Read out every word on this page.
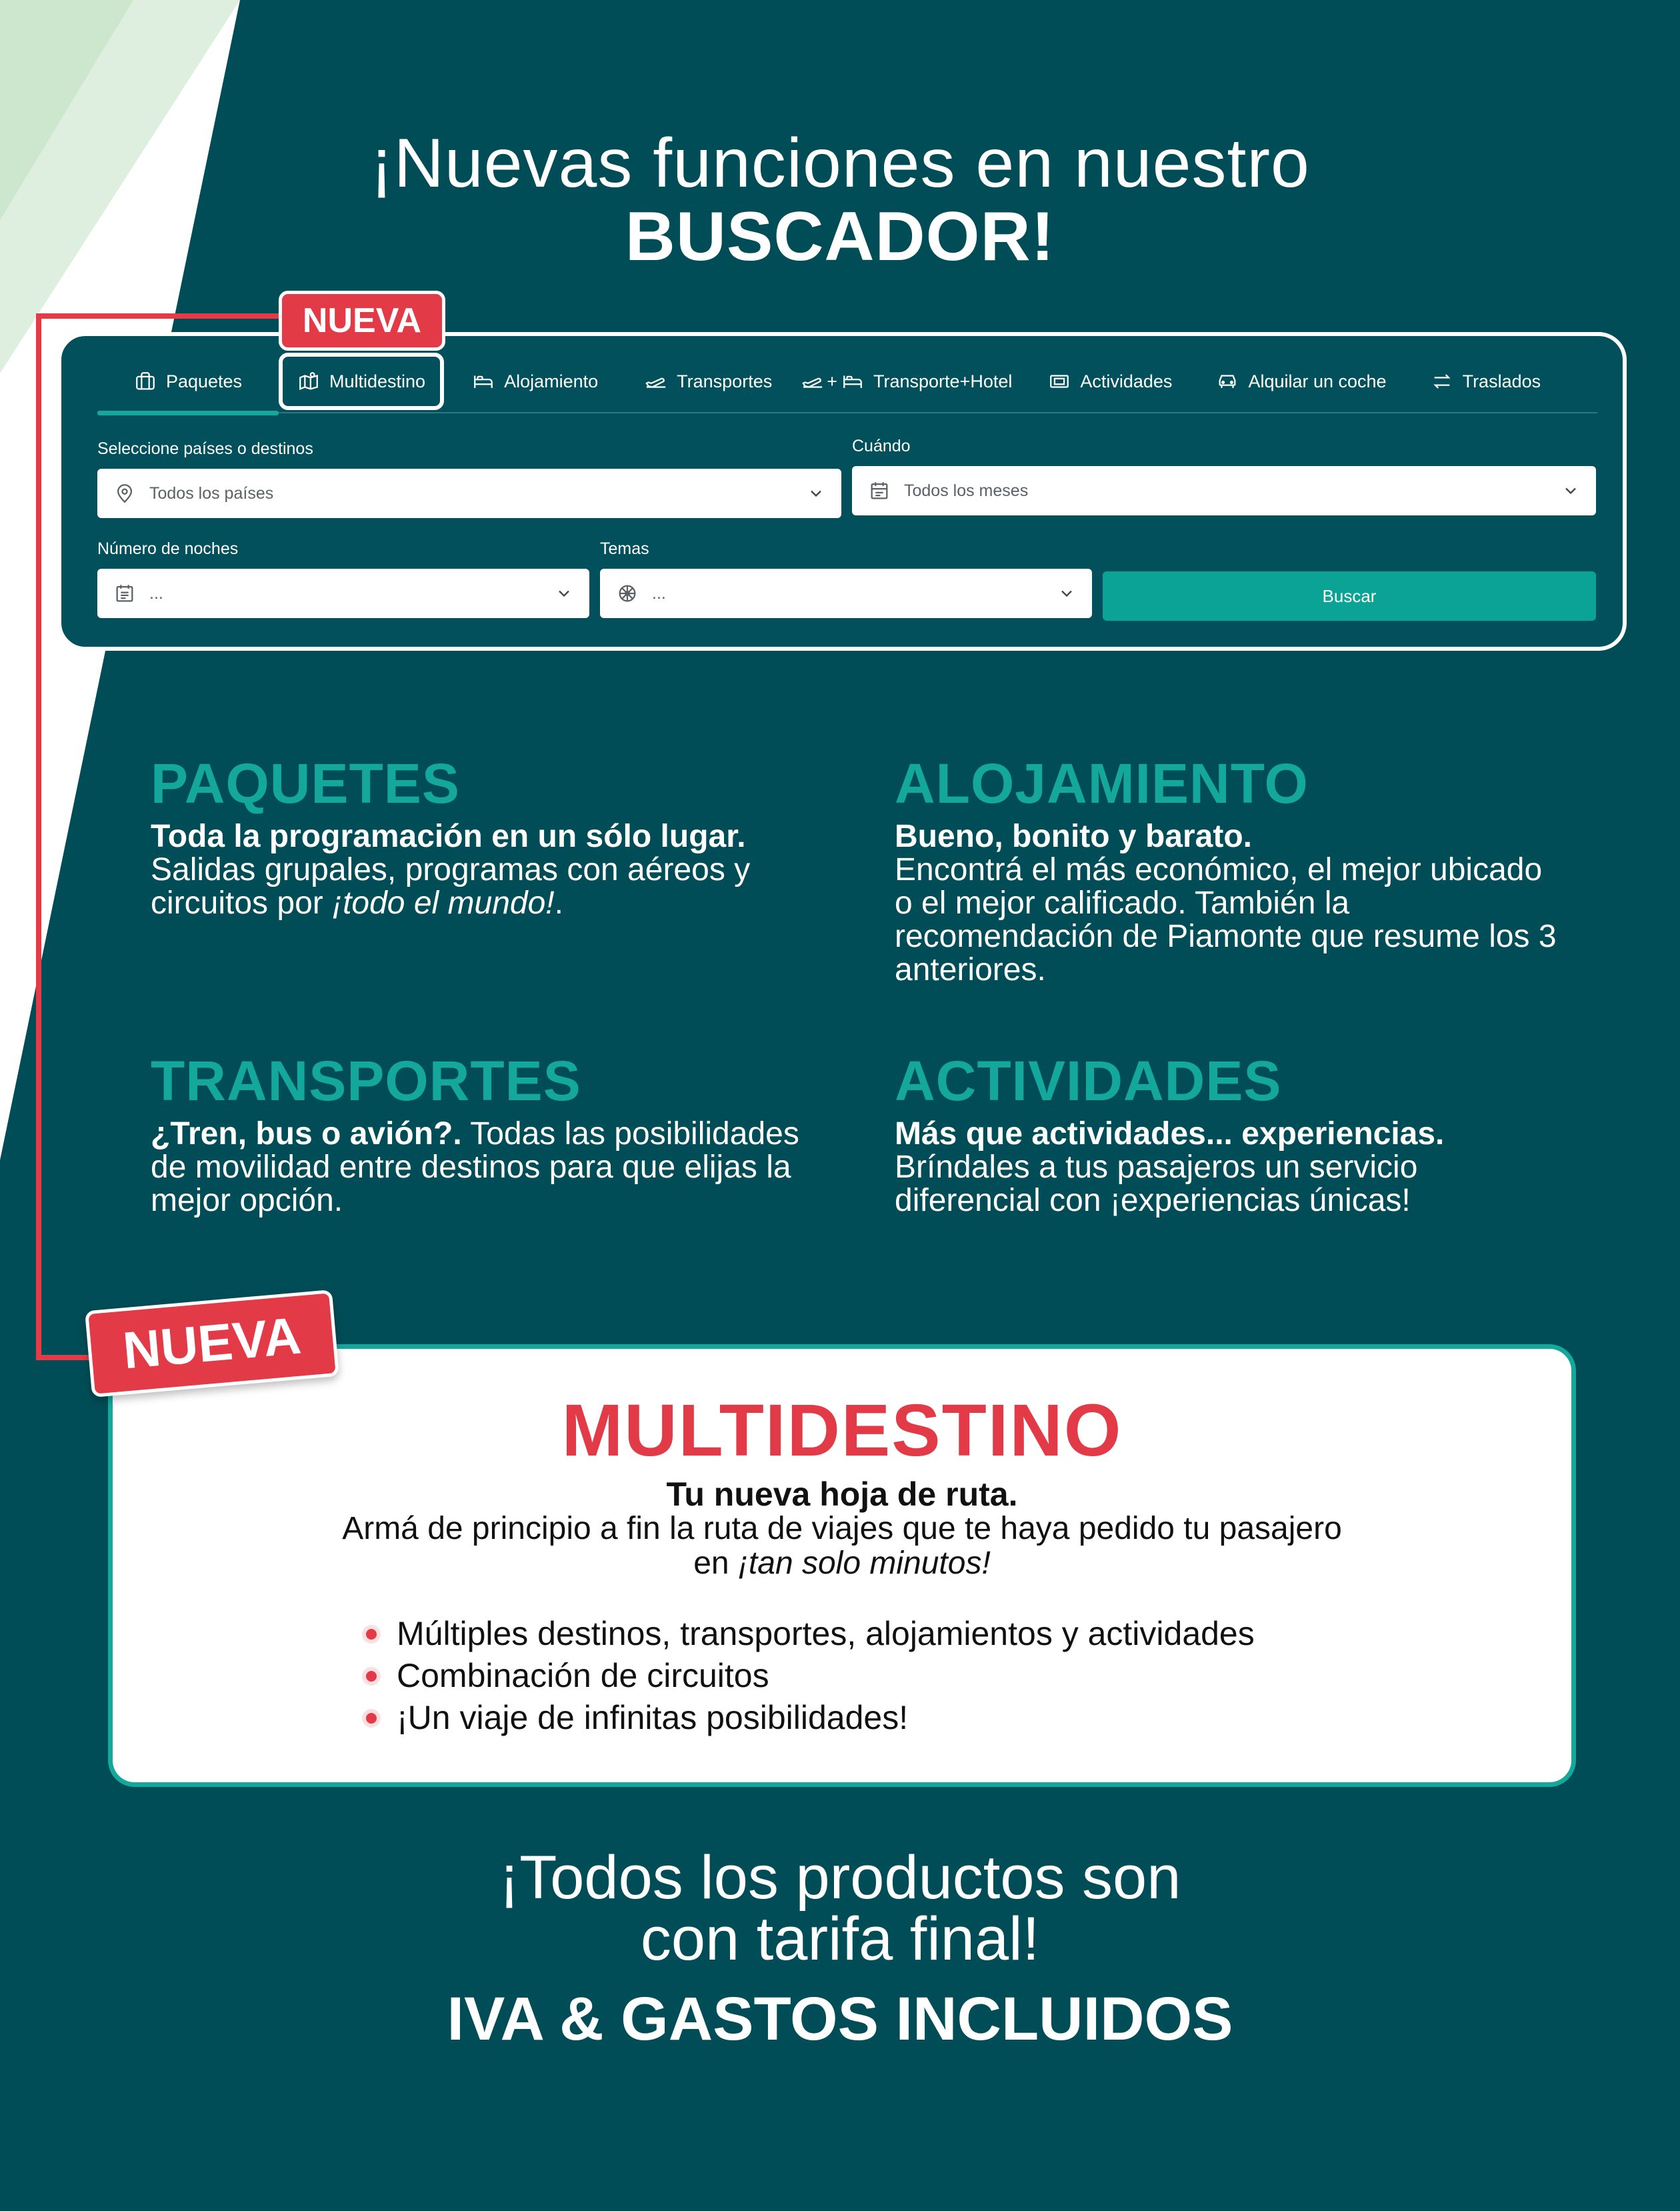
¡Nuevas funciones en nuestro
BUSCADOR!
NUEVA
Paquetes	Multidestino	Alojamiento	Transportes	+ Transporte+Hotel	Actividades	Alquilar un coche	Traslados
Seleccione países o destinos
Todos los países
Cuándo
Todos los meses
Número de noches
...
Temas
...	Buscar
PAQUETES

Toda la programación en un sólo lugar. Salidas grupales, programas con aéreos y circuitos por ¡todo el mundo!.

ALOJAMIENTO

Bueno, bonito y barato.
Encontrá el más económico, el mejor ubicado o el mejor calificado. También la recomendación de Piamonte que resume los 3 anteriores.

TRANSPORTES

¿Tren, bus o avión?. Todas las posibilidades de movilidad entre destinos para que elijas la mejor opción.

ACTIVIDADES

Más que actividades... experiencias.
Bríndales a tus pasajeros un servicio diferencial con ¡experiencias únicas!

MULTIDESTINO
Tu nueva hoja de ruta.
Armá de principio a fin la ruta de viajes que te haya pedido tu pasajero
en ¡tan solo minutos!
Múltiples destinos, transportes, alojamientos y actividades
Combinación de circuitos
¡Un viaje de infinitas posibilidades!
NUEVA
¡Todos los productos son
con tarifa final!
IVA & GASTOS INCLUIDOS
